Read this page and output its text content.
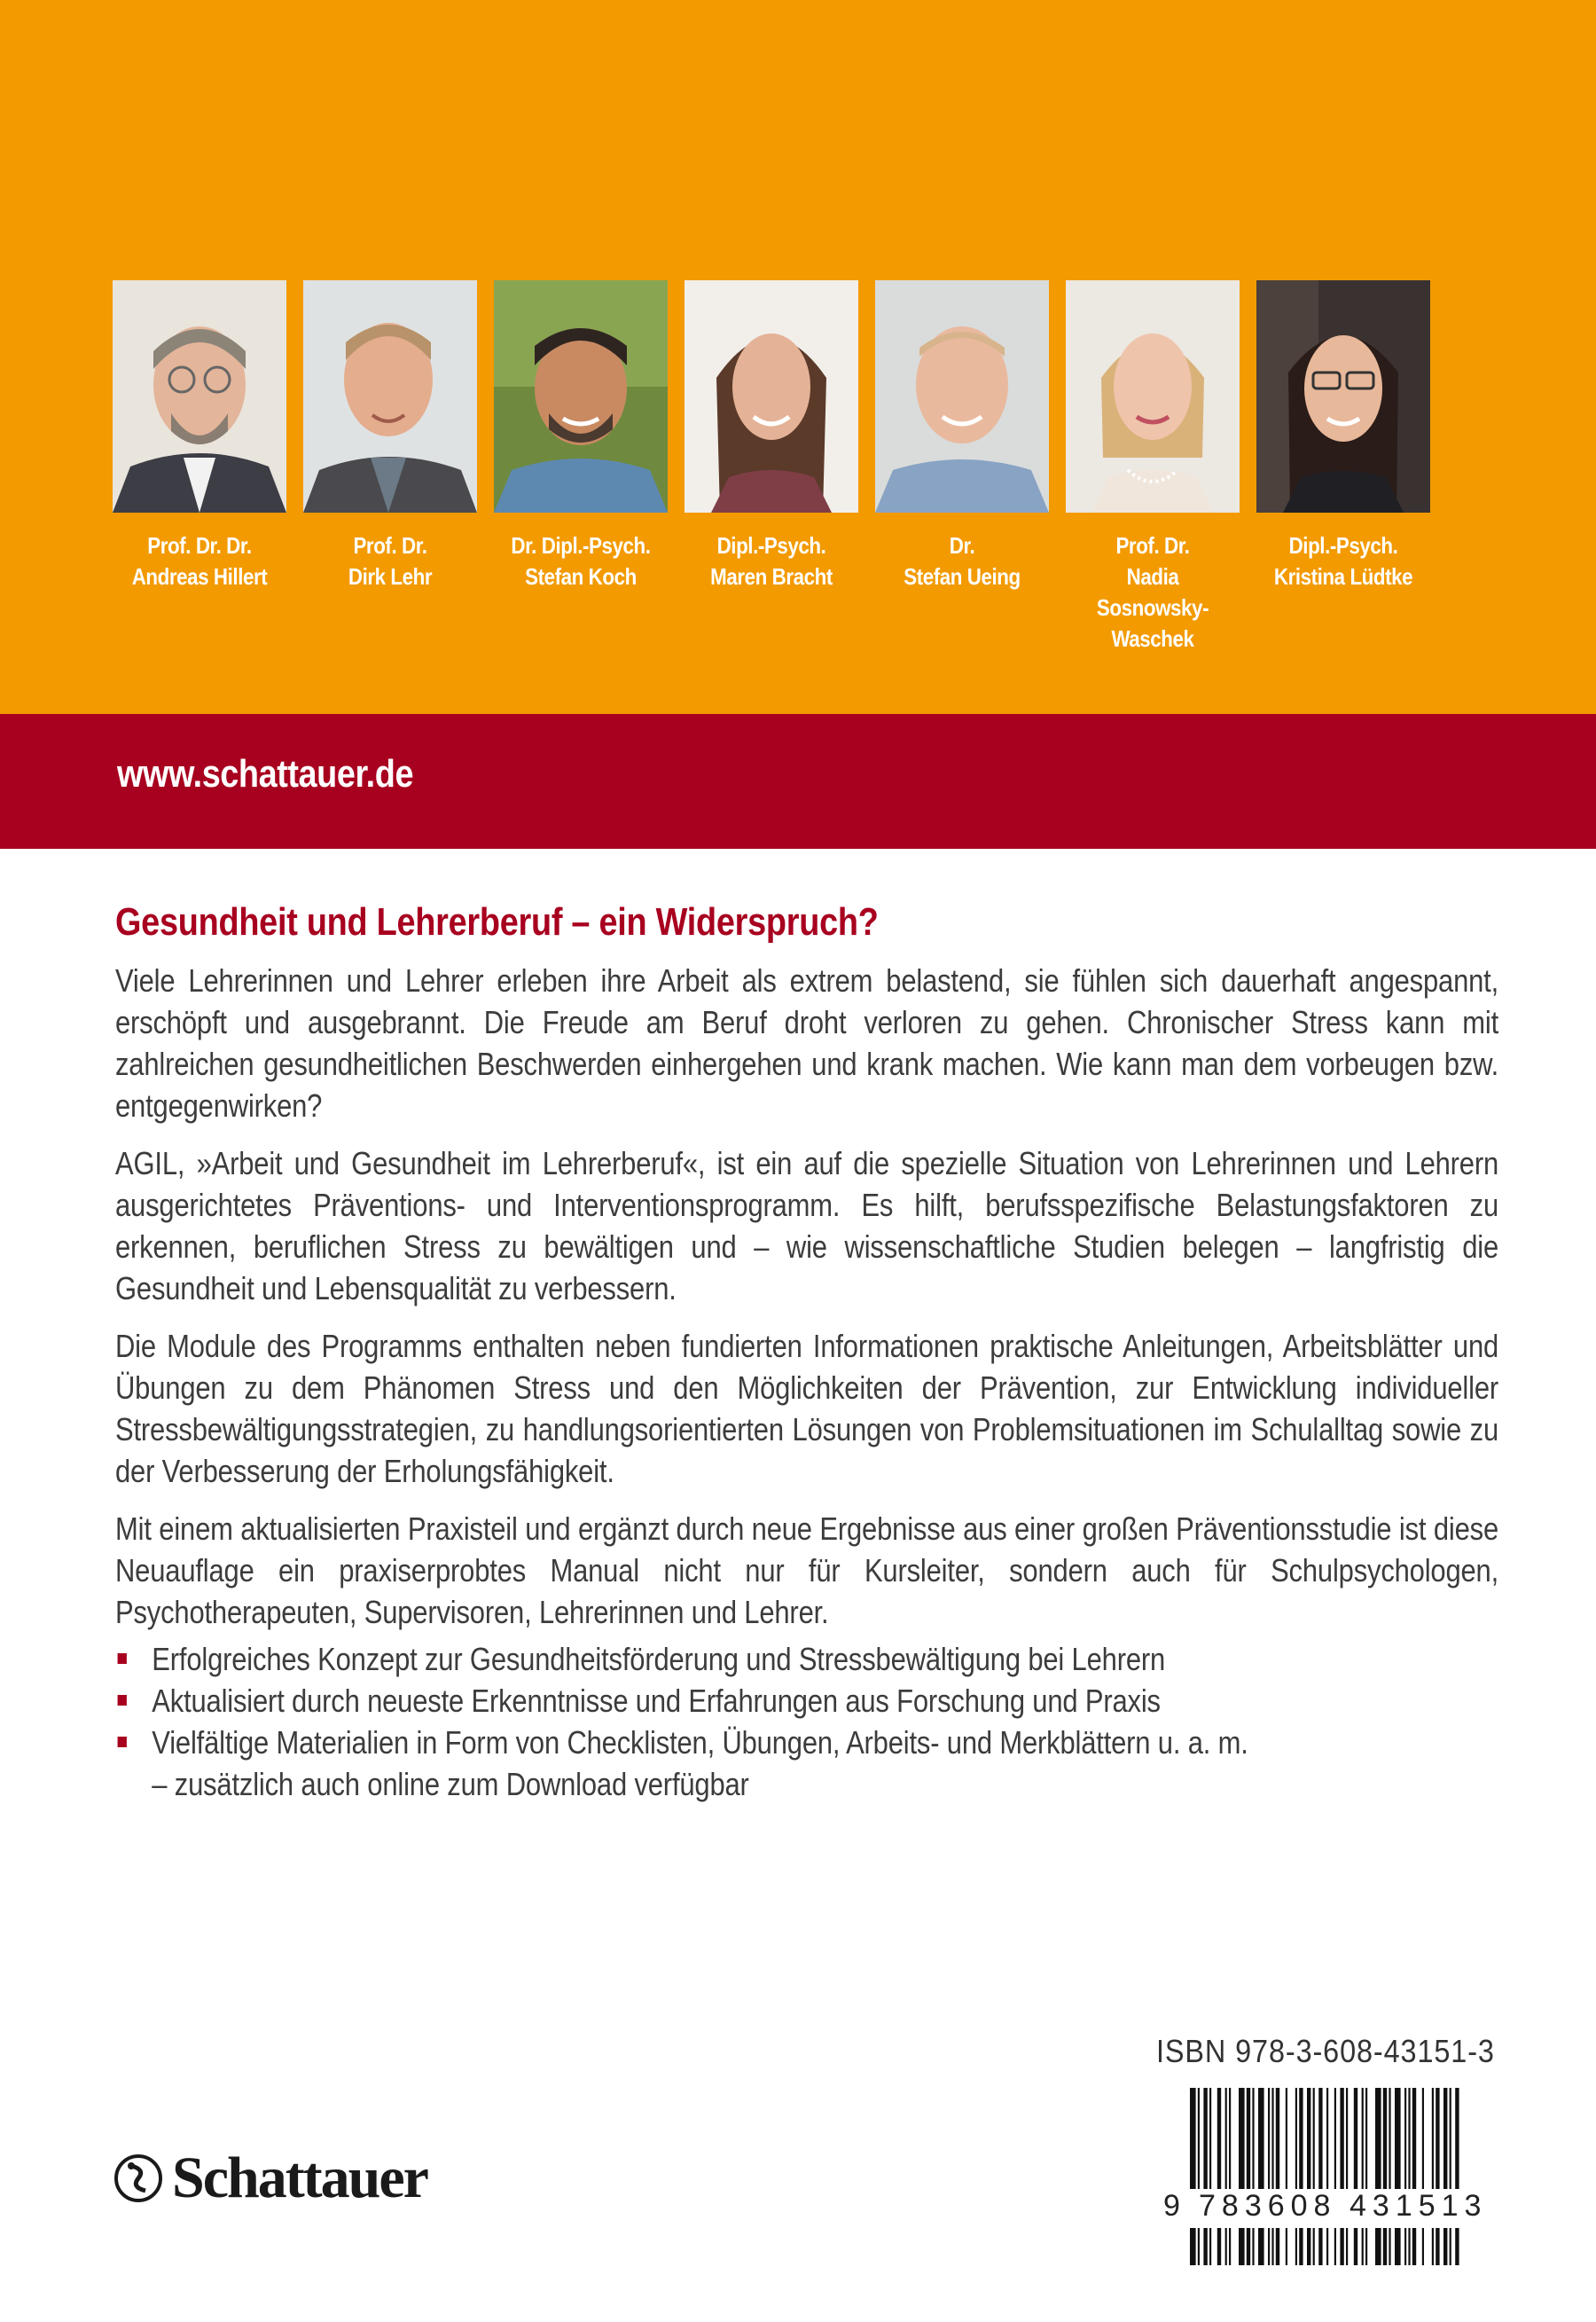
Prof. Dr. Dr.
Andreas Hillert
Prof. Dr.
Dirk Lehr
Dr. Dipl.-Psych.
Stefan Koch
Dipl.-Psych.
Maren Bracht
Dr.
Stefan Ueing
Prof. Dr.
Nadia
Sosnowsky-
Waschek
Dipl.-Psych.
Kristina Lüdtke
www.schattauer.de
Gesundheit und Lehrerberuf – ein Widerspruch?

Viele Lehrerinnen und Lehrer erleben ihre Arbeit als extrem belastend, sie fühlen sich dauerhaft angespannt, erschöpft und ausgebrannt. Die Freude am Beruf droht verloren zu gehen. Chronischer Stress kann mit zahlreichen gesundheitlichen Beschwerden einhergehen und krank machen. Wie kann man dem vorbeugen bzw. entgegenwirken?

AGIL, »Arbeit und Gesundheit im Lehrerberuf«, ist ein auf die spezielle Situation von Lehrerinnen und Lehrern ausgerichtetes Präventions- und Interventionsprogramm. Es hilft, berufsspezifische Belastungsfaktoren zu erkennen, beruflichen Stress zu bewältigen und – wie wissenschaftliche Studien belegen – langfristig die Gesundheit und Lebensqualität zu verbessern.

Die Module des Programms enthalten neben fundierten Informationen praktische Anleitungen, Arbeitsblätter und Übungen zu dem Phänomen Stress und den Möglichkeiten der Prävention, zur Entwicklung individueller Stressbewältigungsstrategien, zu handlungsorientierten Lösungen von Problemsituationen im Schulalltag sowie zu der Verbesserung der Erholungsfähigkeit.

Mit einem aktualisierten Praxisteil und ergänzt durch neue Ergebnisse aus einer großen Präventionsstudie ist diese Neuauflage ein praxiserprobtes Manual nicht nur für Kursleiter, sondern auch für Schulpsychologen, Psychotherapeuten, Supervisoren, Lehrerinnen und Lehrer.

Erfolgreiches Konzept zur Gesundheitsförderung und Stressbewältigung bei Lehrern
Aktualisiert durch neueste Erkenntnisse und Erfahrungen aus Forschung und Praxis
Vielfältige Materialien in Form von Checklisten, Übungen, Arbeits- und Merkblättern u. a. m.
– zusätzlich auch online zum Download verfügbar
ISBN 978-3-608-43151-3
9 783608 431513
Schattauer
